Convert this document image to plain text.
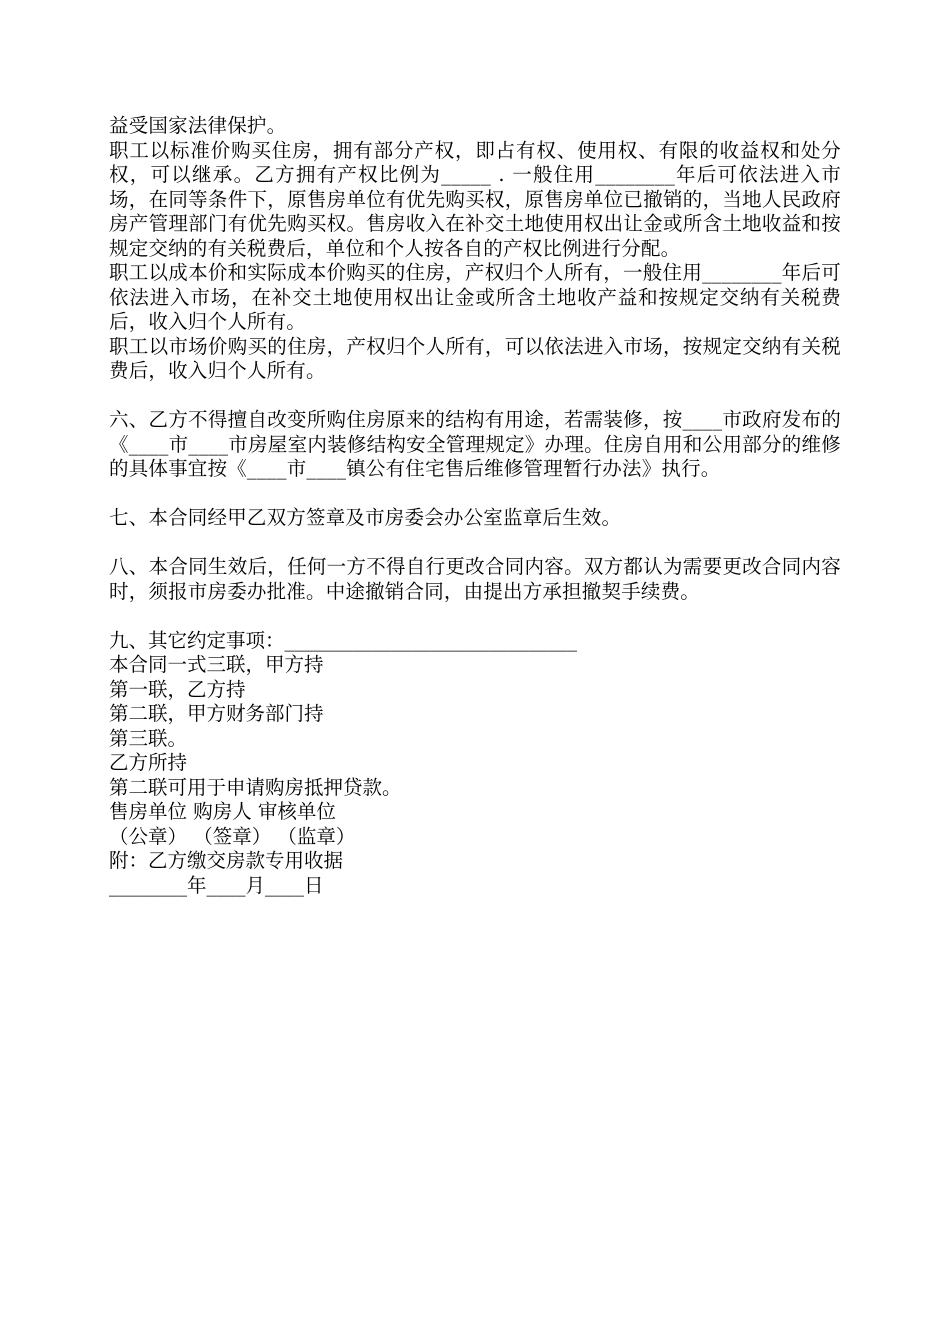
益受国家法律保护。

职工以标准价购买住房，拥有部分产权，即占有权、使用权、有限的收益权和处分权，可以继承。乙方拥有产权比例为_____ . 一般住用________年后可依法进入市场，在同等条件下，原售房单位有优先购买权，原售房单位已撤销的，当地人民政府房产管理部门有优先购买权。售房收入在补交土地使用权出让金或所含土地收益和按规定交纳的有关税费后，单位和个人按各自的产权比例进行分配。

职工以成本价和实际成本价购买的住房，产权归个人所有，一般住用________年后可依法进入市场，在补交土地使用权出让金或所含土地收产益和按规定交纳有关税费后，收入归个人所有。

职工以市场价购买的住房，产权归个人所有，可以依法进入市场，按规定交纳有关税费后，收入归个人所有。

六、乙方不得擅自改变所购住房原来的结构有用途，若需装修，按____市政府发布的《____市____市房屋室内装修结构安全管理规定》办理。住房自用和公用部分的维修的具体事宜按《____市____镇公有住宅售后维修管理暂行办法》执行。

七、本合同经甲乙双方签章及市房委会办公室监章后生效。

八、本合同生效后，任何一方不得自行更改合同内容。双方都认为需要更改合同内容时，须报市房委办批准。中途撤销合同，由提出方承担撤契手续费。

九、其它约定事项：______________________________

本合同一式三联，甲方持

第一联，乙方持

第二联，甲方财务部门持

第三联。

乙方所持

第二联可用于申请购房抵押贷款。

售房单位 购房人 审核单位

（公章） （签章） （监章）

附：乙方缴交房款专用收据

________年____月____日
